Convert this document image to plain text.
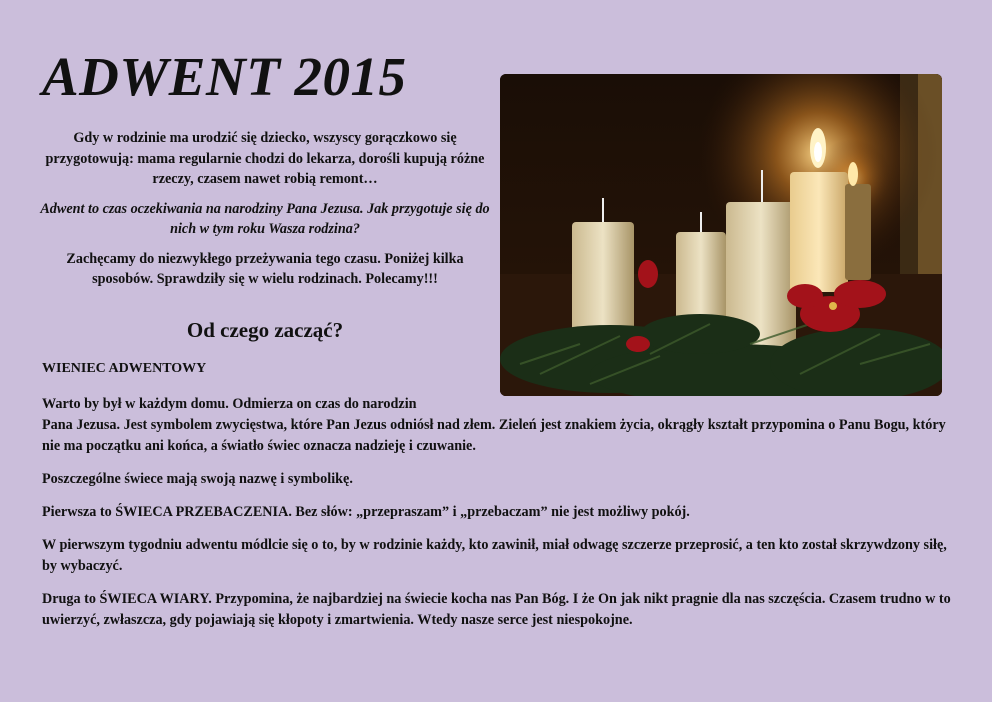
ADWENT 2015

Gdy w rodzinie ma urodzić się dziecko, wszyscy gorączkowo się przygotowują: mama regularnie chodzi do lekarza, dorośli kupują różne rzeczy, czasem nawet robią remont…

Adwent to czas oczekiwania na narodziny Pana Jezusa. Jak przygotuje się do nich w tym roku Wasza rodzina?

Zachęcamy do niezwykłego przeżywania tego czasu. Poniżej kilka sposobów. Sprawdziły się w wielu rodzinach. Polecamy!!!

Od czego zacząć?
WIENIEC ADWENTOWY

Warto by był w każdym domu. Odmierza on czas do narodzin
Pana Jezusa. Jest symbolem zwycięstwa, które Pan Jezus odniósł nad złem. Zieleń jest znakiem życia, okrągły kształt przypomina o Panu Bogu, który nie ma początku ani końca, a światło świec oznacza nadzieję i czuwanie.

Poszczególne świece mają swoją nazwę i symbolikę.

Pierwsza to ŚWIECA PRZEBACZENIA. Bez słów: „przepraszam” i „przebaczam” nie jest możliwy pokój.

W pierwszym tygodniu adwentu módlcie się o to, by w rodzinie każdy, kto zawinił, miał odwagę szczerze przeprosić, a ten kto został skrzywdzony siłę, by wybaczyć.

Druga to ŚWIECA WIARY. Przypomina, że najbardziej na świecie kocha nas Pan Bóg. I że On jak nikt pragnie dla nas szczęścia. Czasem trudno w to uwierzyć, zwłaszcza, gdy pojawiają się kłopoty i zmartwienia. Wtedy nasze serce jest niespokojne.
